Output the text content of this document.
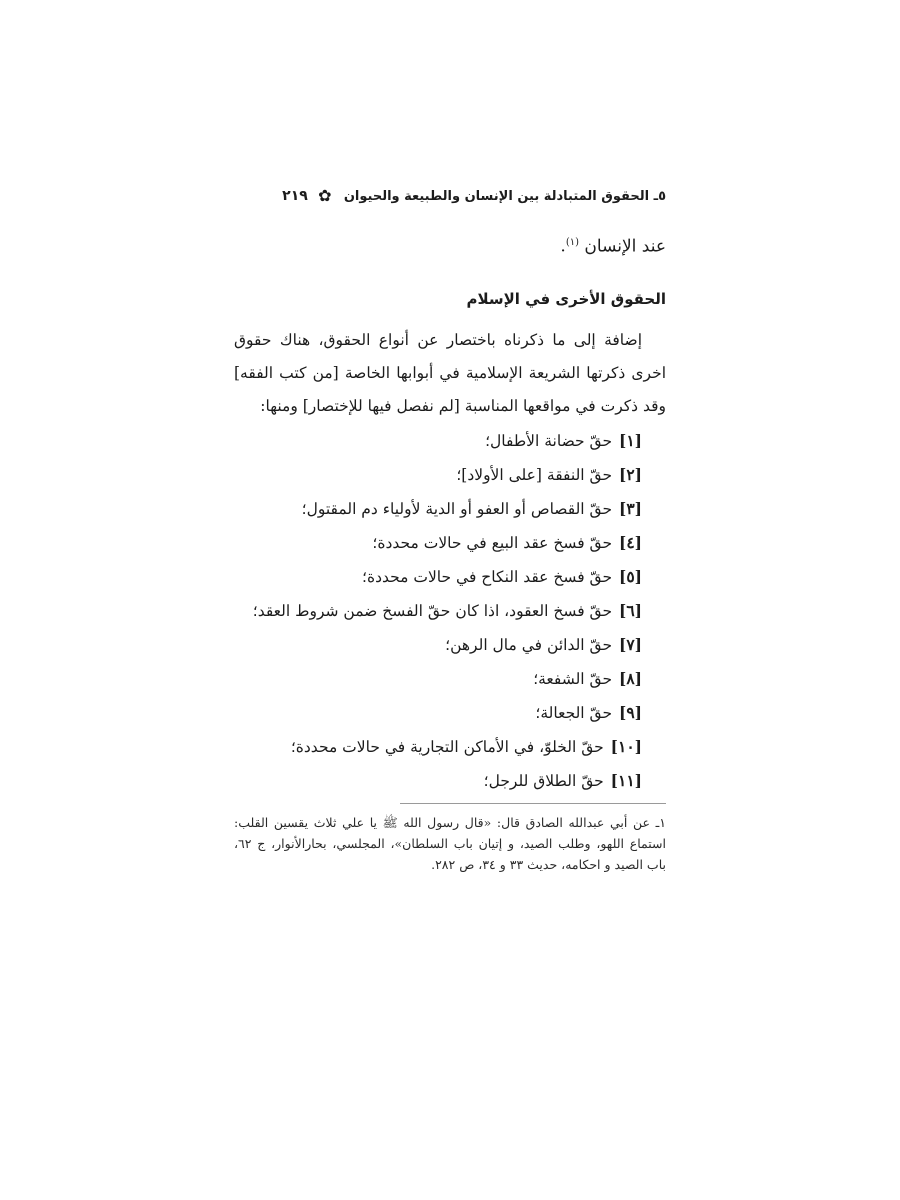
٥ـ الحقوق المتبادلة بين الإنسان والطبيعة والحيوان
✿
٢١٩
عند الإنسان $^{(١)}$.
الحقوق الأخرى في الإسلام
إضافة إلى ما ذكرناه باختصار عن أنواع الحقوق، هناك حقوق اخرى ذكرتها الشريعة الإسلامية في أبوابها الخاصة [من كتب الفقه] وقد ذكرت في مواقعها المناسبة [لم نفصل فيها للإختصار] ومنها:
[١] حقّ حضانة الأطفال؛
[٢] حقّ النفقة [على الأولاد]؛
[٣] حقّ القصاص أو العفو أو الدية لأولياء دم المقتول؛
[٤] حقّ فسخ عقد البيع في حالات محددة؛
[٥] حقّ فسخ عقد النكاح في حالات محددة؛
[٦] حقّ فسخ العقود، اذا كان حقّ الفسخ ضمن شروط العقد؛
[٧] حقّ الدائن في مال الرهن؛
[٨] حقّ الشفعة؛
[٩] حقّ الجعالة؛
[١٠] حقّ الخلوّ، في الأماكن التجارية في حالات محددة؛
[١١] حقّ الطلاق للرجل؛
١ـ عن أبي عبدالله الصادق قال: «قال رسول الله ﷺ يا علي ثلاث يقسين القلب: استماع اللهو، وطلب الصيد، و إتيان باب السلطان»، المجلسي، بحارالأنوار، ج ٦٢، باب الصيد و احكامه، حديث ٣٣ و ٣٤، ص ٢٨٢.
